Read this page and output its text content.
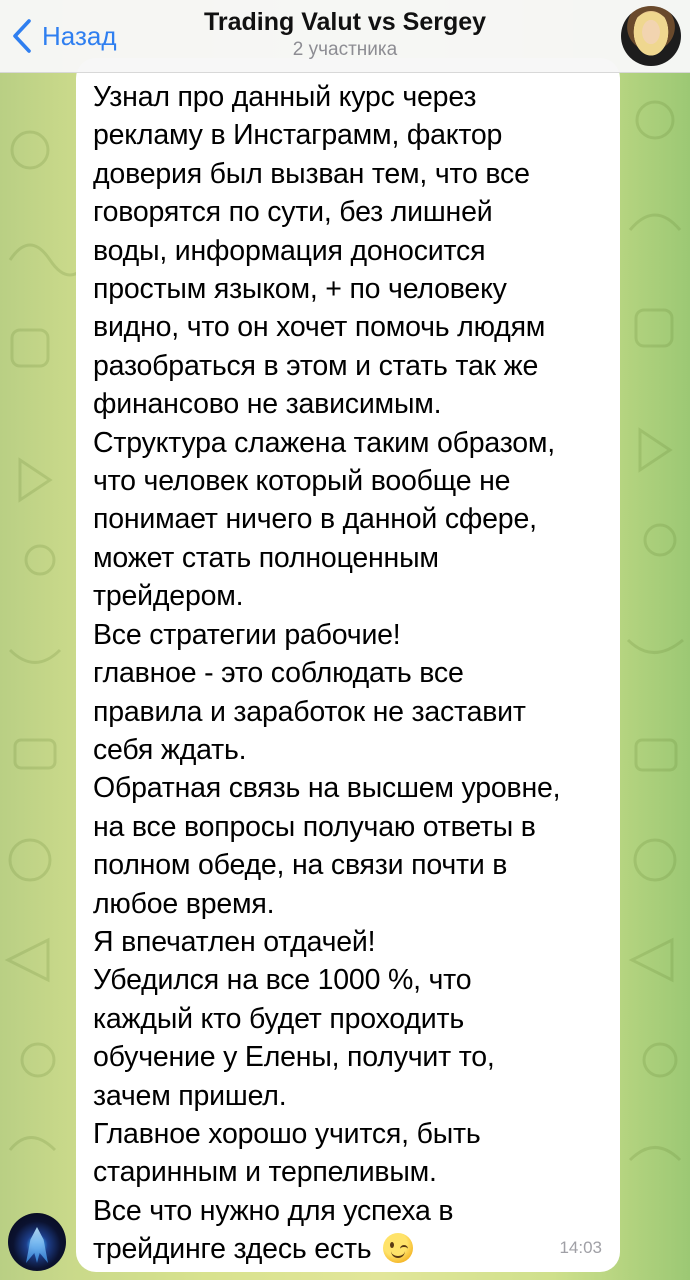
Назад	Trading Valut vs Sergey
2 участника
Узнал про данный курс через
рекламу в Инстаграмм, фактор
доверия был вызван тем, что все
говорятся по сути, без лишней
воды, информация доносится
простым языком, + по человеку
видно, что он хочет помочь людям
разобраться в этом и стать так же
финансово не зависимым.
Структура слажена таким образом,
что человек который вообще не
понимает ничего в данной сфере,
может стать полноценным
трейдером.
Все стратегии рабочие!
главное - это соблюдать все
правила и заработок не заставит
себя ждать.
Обратная связь на высшем уровне,
на все вопросы получаю ответы в
полном обеде, на связи почти в
любое время.
Я впечатлен отдачей!
Убедился на все 1000 %, что
каждый кто будет проходить
обучение у Елены, получит то,
зачем пришел.
Главное хорошо учится, быть
старинным и терпеливым.
Все что нужно для успеха в
трейдинге здесь есть	14:03
